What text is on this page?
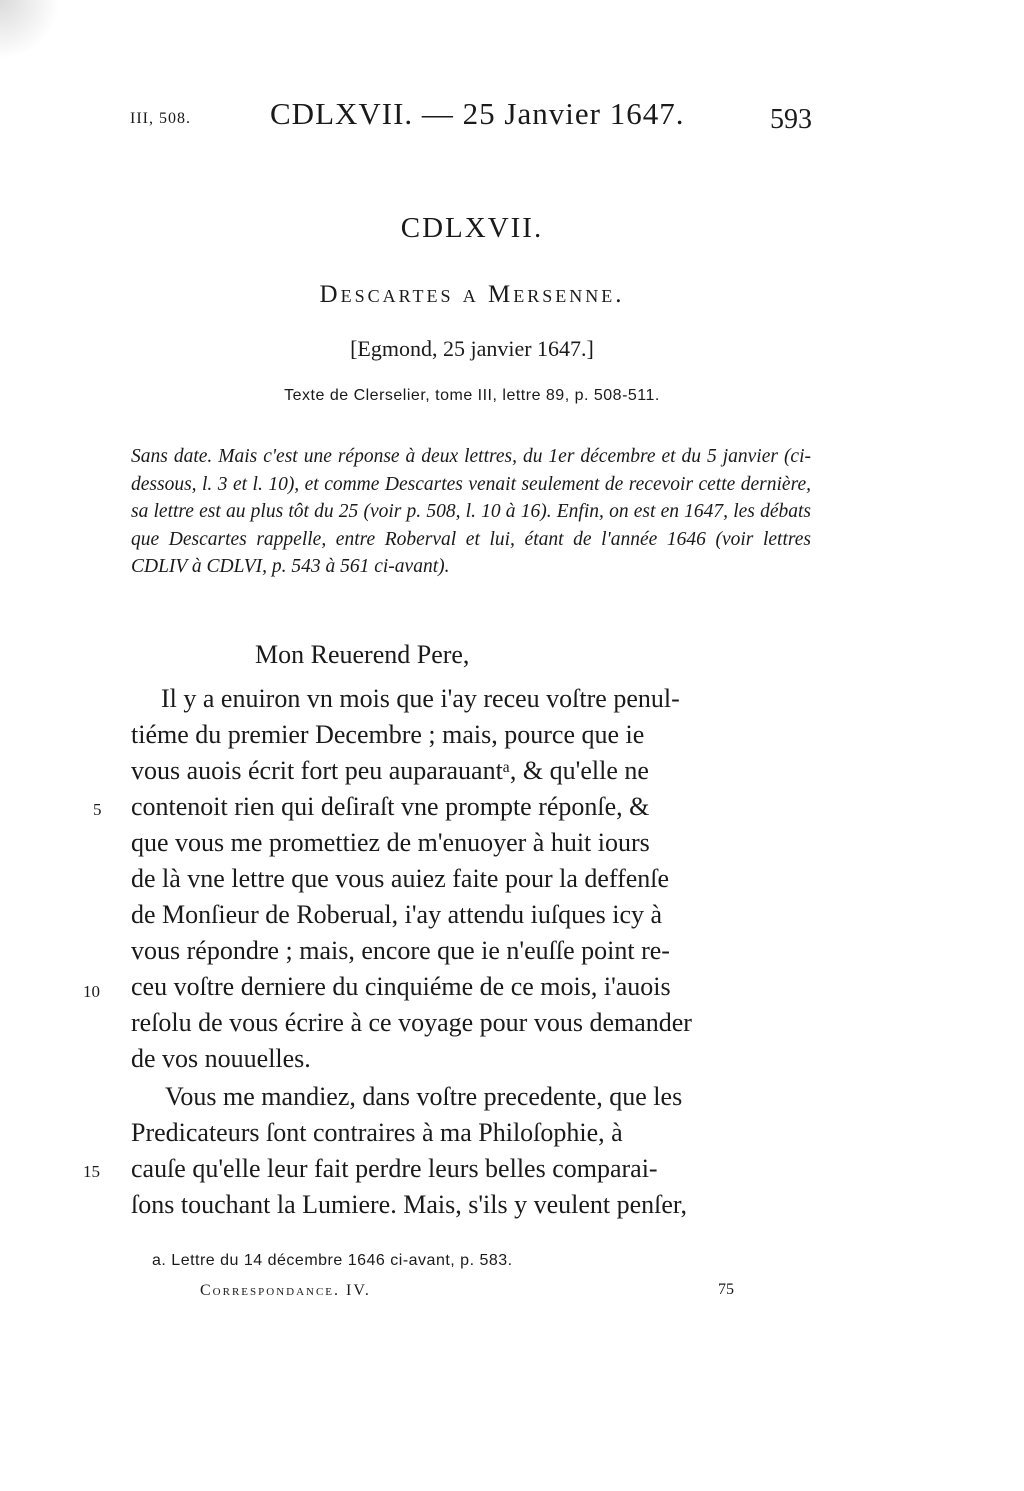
III, 508.	CDLXVII. — 25 Janvier 1647.	593
CDLXVII.
Descartes a Mersenne.
[Egmond, 25 janvier 1647.]
Texte de Clerselier, tome III, lettre 89, p. 508-511.
Sans date. Mais c'est une réponse à deux lettres, du 1er décembre et du 5 janvier (ci-dessous, l. 3 et l. 10), et comme Descartes venait seulement de recevoir cette dernière, sa lettre est au plus tôt du 25 (voir p. 508, l. 10 à 16). Enfin, on est en 1647, les débats que Descartes rappelle, entre Roberval et lui, étant de l'année 1646 (voir lettres CDLIV à CDLVI, p. 543 à 561 ci-avant).
Mon Reuerend Pere,
Il y a enuiron vn mois que i'ay receu voſtre penul-
tiéme du premier Decembre ; mais, pource que ie
vous auois écrit fort peu auparauantᵃ, & qu'elle ne
contenoit rien qui deſiraſt vne prompte réponſe, &
que vous me promettiez de m'enuoyer à huit iours
de là vne lettre que vous auiez faite pour la deffenſe
de Monſieur de Roberual, i'ay attendu iuſques icy à
vous répondre ; mais, encore que ie n'euſſe point re-
ceu voſtre derniere du cinquiéme de ce mois, i'auois
reſolu de vous écrire à ce voyage pour vous demander
de vos nouuelles.
Vous me mandiez, dans voſtre precedente, que les
Predicateurs ſont contraires à ma Philoſophie, à
cauſe qu'elle leur fait perdre leurs belles comparai-
ſons touchant la Lumiere. Mais, s'ils y veulent penſer,
5
10
15
a. Lettre du 14 décembre 1646 ci-avant, p. 583.
Correspondance. IV.	75
